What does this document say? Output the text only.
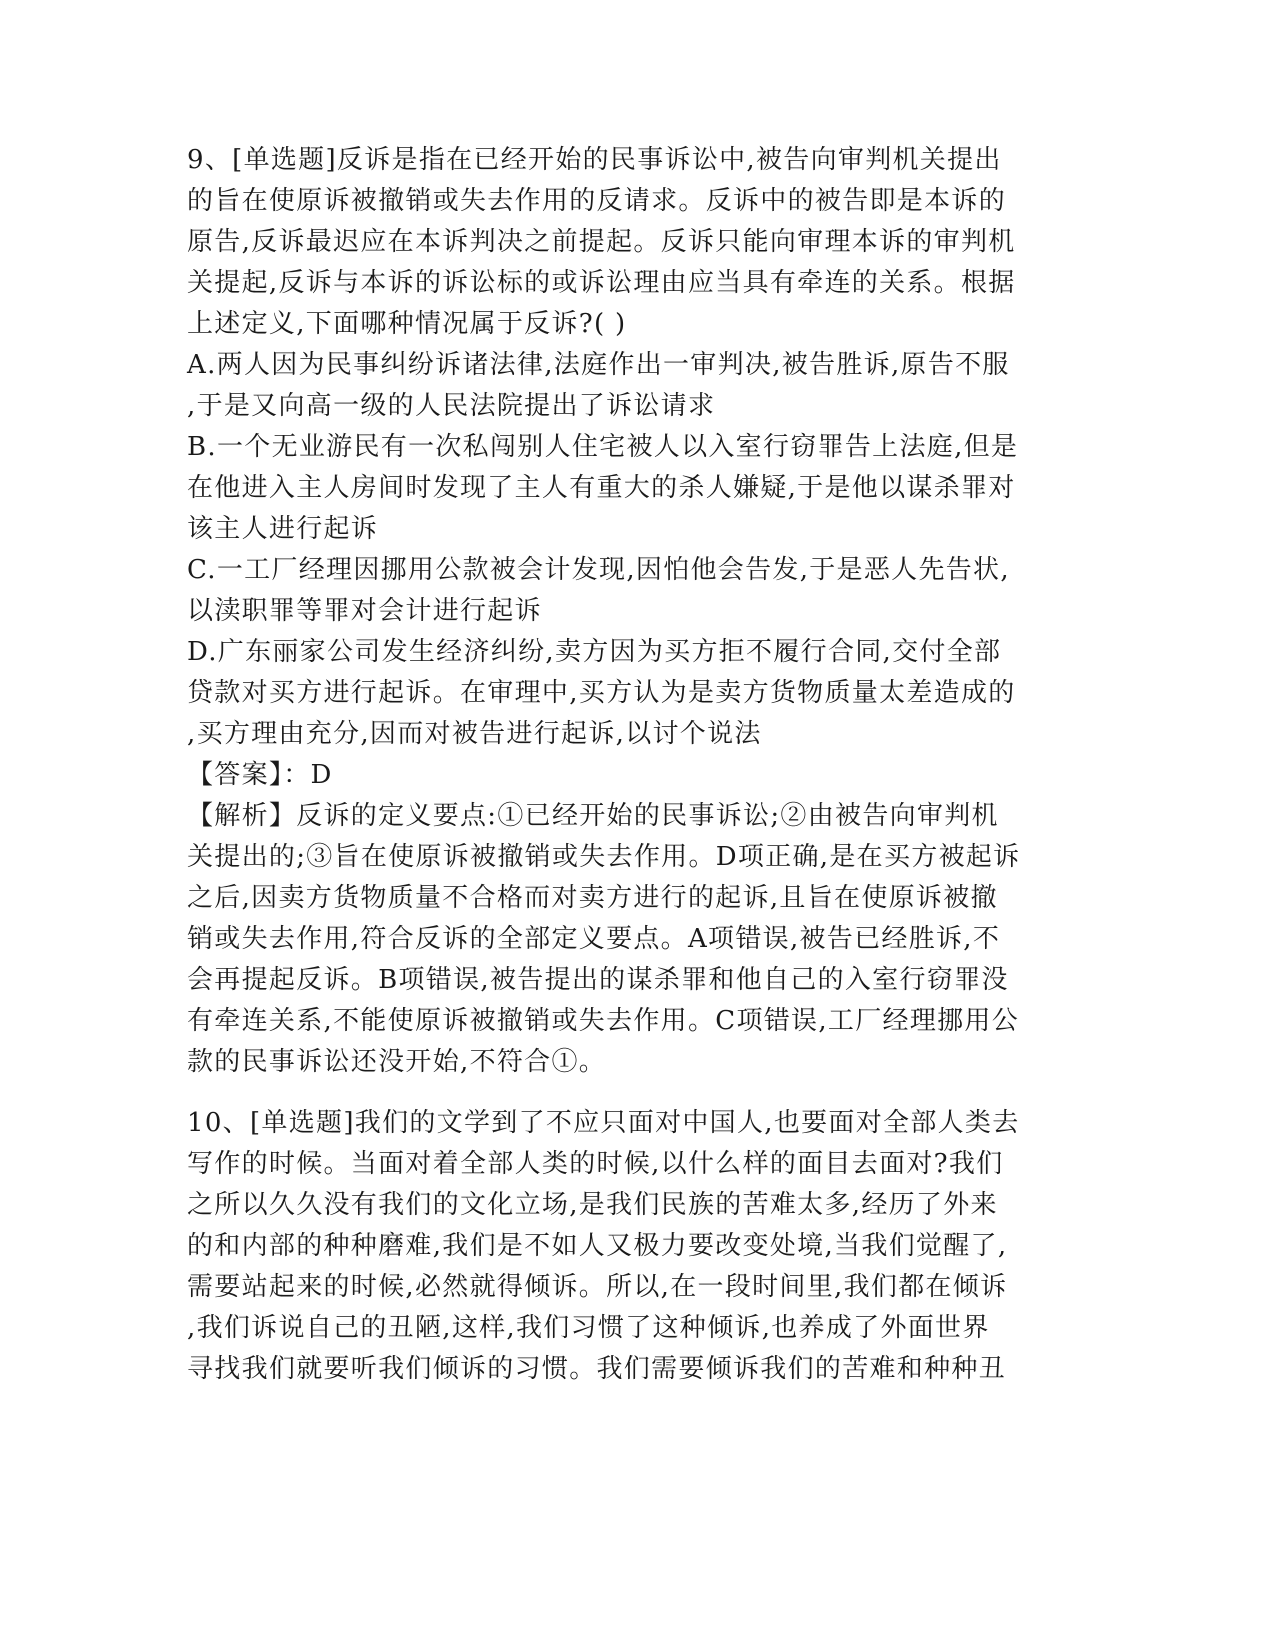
9、[单选题]反诉是指在已经开始的民事诉讼中,被告向审判机关提出
的旨在使原诉被撤销或失去作用的反请求。反诉中的被告即是本诉的
原告,反诉最迟应在本诉判决之前提起。反诉只能向审理本诉的审判机
关提起,反诉与本诉的诉讼标的或诉讼理由应当具有牵连的关系。根据
上述定义,下面哪种情况属于反诉?( )
A.两人因为民事纠纷诉诸法律,法庭作出一审判决,被告胜诉,原告不服
,于是又向高一级的人民法院提出了诉讼请求
B.一个无业游民有一次私闯别人住宅被人以入室行窃罪告上法庭,但是
在他进入主人房间时发现了主人有重大的杀人嫌疑,于是他以谋杀罪对
该主人进行起诉
C.一工厂经理因挪用公款被会计发现,因怕他会告发,于是恶人先告状,
以渎职罪等罪对会计进行起诉
D.广东丽家公司发生经济纠纷,卖方因为买方拒不履行合同,交付全部
贷款对买方进行起诉。在审理中,买方认为是卖方货物质量太差造成的
,买方理由充分,因而对被告进行起诉,以讨个说法
【答案】：D
【解析】反诉的定义要点:①已经开始的民事诉讼;②由被告向审判机
关提出的;③旨在使原诉被撤销或失去作用。D项正确,是在买方被起诉
之后,因卖方货物质量不合格而对卖方进行的起诉,且旨在使原诉被撤
销或失去作用,符合反诉的全部定义要点。A项错误,被告已经胜诉,不
会再提起反诉。B项错误,被告提出的谋杀罪和他自己的入室行窃罪没
有牵连关系,不能使原诉被撤销或失去作用。C项错误,工厂经理挪用公
款的民事诉讼还没开始,不符合①。
10、[单选题]我们的文学到了不应只面对中国人,也要面对全部人类去
写作的时候。当面对着全部人类的时候,以什么样的面目去面对?我们
之所以久久没有我们的文化立场,是我们民族的苦难太多,经历了外来
的和内部的种种磨难,我们是不如人又极力要改变处境,当我们觉醒了,
需要站起来的时候,必然就得倾诉。所以,在一段时间里,我们都在倾诉
,我们诉说自己的丑陋,这样,我们习惯了这种倾诉,也养成了外面世界
寻找我们就要听我们倾诉的习惯。我们需要倾诉我们的苦难和种种丑
